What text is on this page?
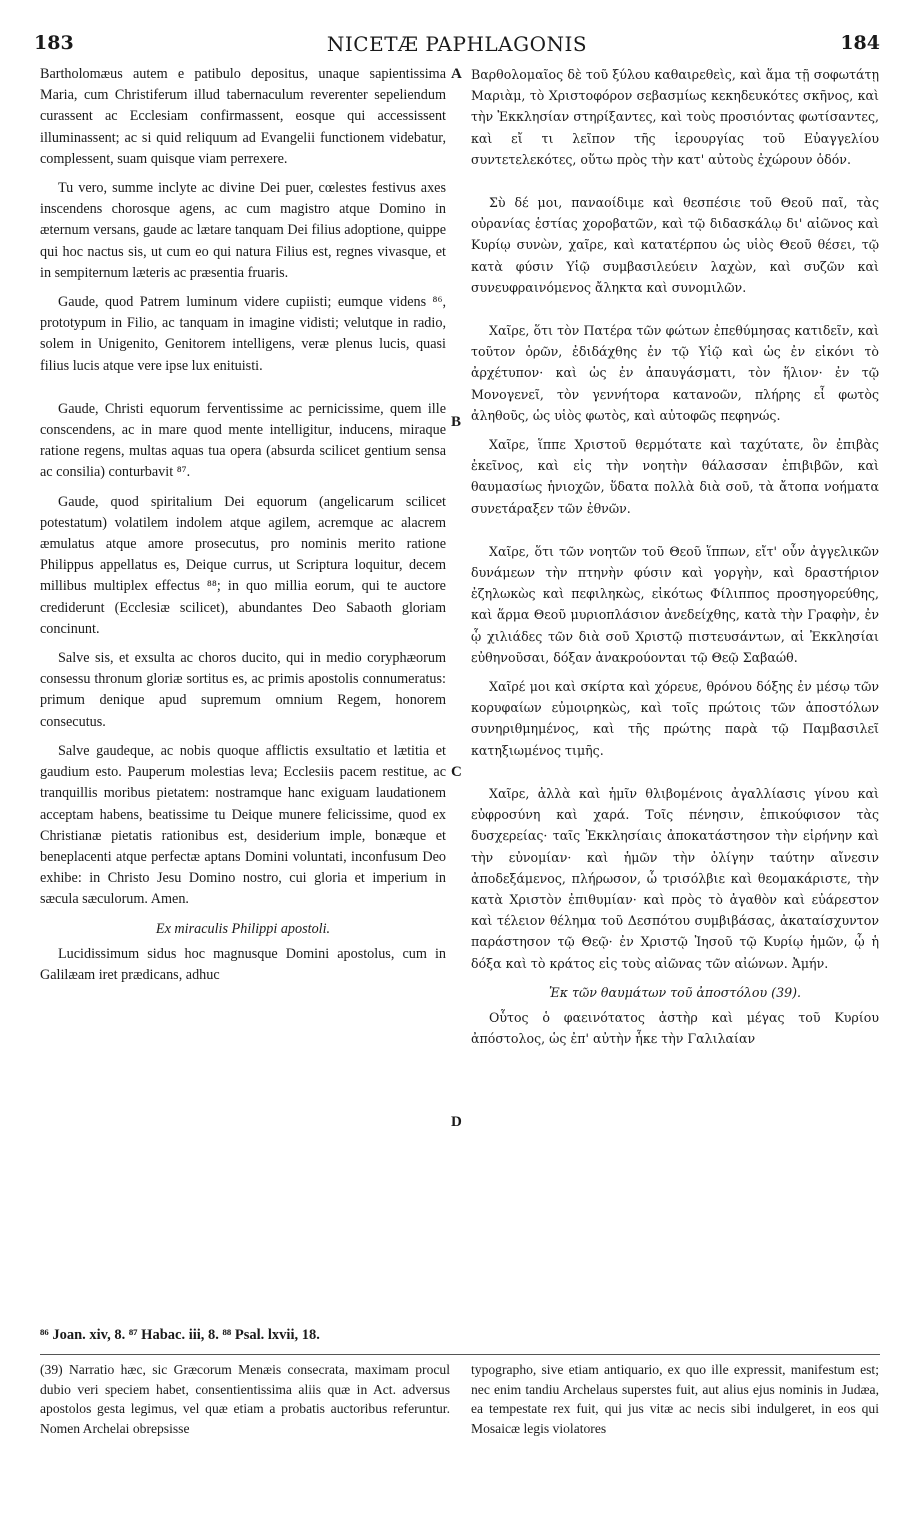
183	NICETÆ PAPHLAGONIS	184

Bartholomæus autem e patibulo depositus, unaque sapientissima Maria, cum Christiferum illud tabernaculum reverenter sepeliendum curassent ac Ecclesiam confirmassent, eosque qui accessissent illuminassent; ac si quid reliquum ad Evangelii functionem videbatur, complessent, suam quisque viam perrexere.

Tu vero, summe inclyte ac divine Dei puer, cœlestes festivus axes inscendens chorosque agens, ac cum magistro atque Domino in æternum versans, gaude ac lætare tanquam Dei filius adoptione, quippe qui hoc nactus sis, ut cum eo qui natura Filius est, regnes vivasque, et in sempiternum læteris ac præsentia fruaris.

Gaude, quod Patrem luminum videre cupiisti; eumque videns ⁸⁶, prototypum in Filio, ac tanquam in imagine vidisti; velutque in radio, solem in Unigenito, Genitorem intelligens, veræ plenus lucis, quasi filius lucis atque vere ipse lux enituisti.

Gaude, Christi equorum ferventissime ac pernicissime, quem ille conscendens, ac in mare quod mente intelligitur, inducens, miraque ratione regens, multas aquas tua opera (absurda scilicet gentium sensa ac consilia) conturbavit ⁸⁷.

Gaude, quod spiritalium Dei equorum (angelicarum scilicet potestatum) volatilem indolem atque agilem, acremque ac alacrem æmulatus atque amore prosecutus, pro nominis merito ratione Philippus appellatus es, Deique currus, ut Scriptura loquitur, decem millibus multiplex effectus ⁸⁸; in quo millia eorum, qui te auctore crediderunt (Ecclesiæ scilicet), abundantes Deo Sabaoth gloriam concinunt.

Salve sis, et exsulta ac choros ducito, qui in medio coryphæorum consessu thronum gloriæ sortitus es, ac primis apostolis connumeratus: primum denique apud supremum omnium Regem, honorem consecutus.

Salve gaudeque, ac nobis quoque afflictis exsultatio et lætitia et gaudium esto. Pauperum molestias leva; Ecclesiis pacem restitue, ac tranquillis moribus pietatem: nostramque hanc exiguam laudationem acceptam habens, beatissime tu Deique munere felicissime, quod ex Christianæ pietatis rationibus est, desiderium imple, bonæque et beneplacenti atque perfectæ aptans Domini voluntati, inconfusum Deo exhibe: in Christo Jesu Domino nostro, cui gloria et imperium in sæcula sæculorum. Amen.

Ex miraculis Philippi apostoli.

Lucidissimum sidus hoc magnusque Domini apostolus, cum in Galilæam iret prædicans, adhuc

Βαρθολομαῖος δὲ τοῦ ξύλου καθαιρεθεὶς, καὶ ἅμα τῇ σοφωτάτῃ Μαριὰμ, τὸ Χριστοφόρον σεβασμίως κεκηδευκότες σκῆνος, καὶ τὴν Ἐκκλησίαν στηρίξαντες, καὶ τοὺς προσιόντας φωτίσαντες, καὶ εἴ τι λεῖπον τῆς ἱερουργίας τοῦ Εὐαγγελίου συντετελεκότες, οὕτω πρὸς τὴν κατ' αὐτοὺς ἐχώρουν ὁδόν.

Σὺ δέ μοι, παναοίδιμε καὶ θεσπέσιε τοῦ Θεοῦ παῖ, τὰς οὐρανίας ἑστίας χοροβατῶν, καὶ τῷ διδασκάλῳ δι' αἰῶνος καὶ Κυρίῳ συνὼν, χαῖρε, καὶ κατατέρπου ὡς υἱὸς Θεοῦ θέσει, τῷ κατὰ φύσιν Υἱῷ συμβασιλεύειν λαχὼν, καὶ συζῶν καὶ συνευφραινόμενος ἄληκτα καὶ συνομιλῶν.

Χαῖρε, ὅτι τὸν Πατέρα τῶν φώτων ἐπεθύμησας κατιδεῖν, καὶ τοῦτον ὁρῶν, ἐδιδάχθης ἐν τῷ Υἱῷ καὶ ὡς ἐν εἰκόνι τὸ ἀρχέτυπον· καὶ ὡς ἐν ἀπαυγάσματι, τὸν ἥλιον· ἐν τῷ Μονογενεῖ, τὸν γεννήτορα κατανοῶν, πλήρης εἶ φωτὸς ἀληθοῦς, ὡς υἱὸς φωτὸς, καὶ αὐτοφῶς πεφηνώς.

Χαῖρε, ἵππε Χριστοῦ θερμότατε καὶ ταχύτατε, ὃν ἐπιβὰς ἐκεῖνος, καὶ εἰς τὴν νοητὴν θάλασσαν ἐπιβιβῶν, καὶ θαυμασίως ἡνιοχῶν, ὕδατα πολλὰ διὰ σοῦ, τὰ ἄτοπα νοήματα συνετάραξεν τῶν ἐθνῶν.

Χαῖρε, ὅτι τῶν νοητῶν τοῦ Θεοῦ ἵππων, εἴτ' οὖν ἀγγελικῶν δυνάμεων τὴν πτηνὴν φύσιν καὶ γοργὴν, καὶ δραστήριον ἐζηλωκὼς καὶ πεφιληκὼς, εἰκότως Φίλιππος προσηγορεύθης, καὶ ἅρμα Θεοῦ μυριοπλάσιον ἀνεδείχθης, κατὰ τὴν Γραφὴν, ἐν ᾧ χιλιάδες τῶν διὰ σοῦ Χριστῷ πιστευσάντων, αἱ Ἐκκλησίαι εὐθηνοῦσαι, δόξαν ἀνακρούονται τῷ Θεῷ Σαβαώθ.

Χαῖρέ μοι καὶ σκίρτα καὶ χόρευε, θρόνου δόξης ἐν μέσῳ τῶν κορυφαίων εὐμοιρηκὼς, καὶ τοῖς πρώτοις τῶν ἀποστόλων συνηριθμημένος, καὶ τῆς πρώτης παρὰ τῷ Παμβασιλεῖ κατηξιωμένος τιμῆς.

Χαῖρε, ἀλλὰ καὶ ἡμῖν θλιβομένοις ἀγαλλίασις γίνου καὶ εὐφροσύνη καὶ χαρά. Τοῖς πένησιν, ἐπικούφισον τὰς δυσχερείας· ταῖς Ἐκκλησίαις ἀποκατάστησον τὴν εἰρήνην καὶ τὴν εὐνομίαν· καὶ ἡμῶν τὴν ὀλίγην ταύτην αἴνεσιν ἀποδεξάμενος, πλήρωσον, ὦ τρισόλβιε καὶ θεομακάριστε, τὴν κατὰ Χριστὸν ἐπιθυμίαν· καὶ πρὸς τὸ ἀγαθὸν καὶ εὐάρεστον καὶ τέλειον θέλημα τοῦ Δεσπότου συμβιβάσας, ἀκαταίσχυντον παράστησον τῷ Θεῷ· ἐν Χριστῷ Ἰησοῦ τῷ Κυρίῳ ἡμῶν, ᾧ ἡ δόξα καὶ τὸ κράτος εἰς τοὺς αἰῶνας τῶν αἰώνων. Ἀμήν.

Ἐκ τῶν θαυμάτων τοῦ ἀποστόλου (39).

Οὗτος ὁ φαεινότατος ἀστὴρ καὶ μέγας τοῦ Κυρίου ἀπόστολος, ὡς ἐπ' αὐτὴν ἧκε τὴν Γαλιλαίαν

A
B
C
D
⁸⁶ Joan. xiv, 8. ⁸⁷ Habac. iii, 8. ⁸⁸ Psal. lxvii, 18.
(39) Narratio hæc, sic Græcorum Menæis consecrata, maximam procul dubio veri speciem habet, consentientissima aliis quæ in Act. adversus apostolos gesta legimus, vel quæ etiam a probatis auctoribus referuntur. Nomen Archelai obrepsisse
typographo, sive etiam antiquario, ex quo ille expressit, manifestum est; nec enim tandiu Archelaus superstes fuit, aut alius ejus nominis in Judæa, ea tempestate rex fuit, qui jus vitæ ac necis sibi indulgeret, in eos qui Mosaicæ legis violatores
